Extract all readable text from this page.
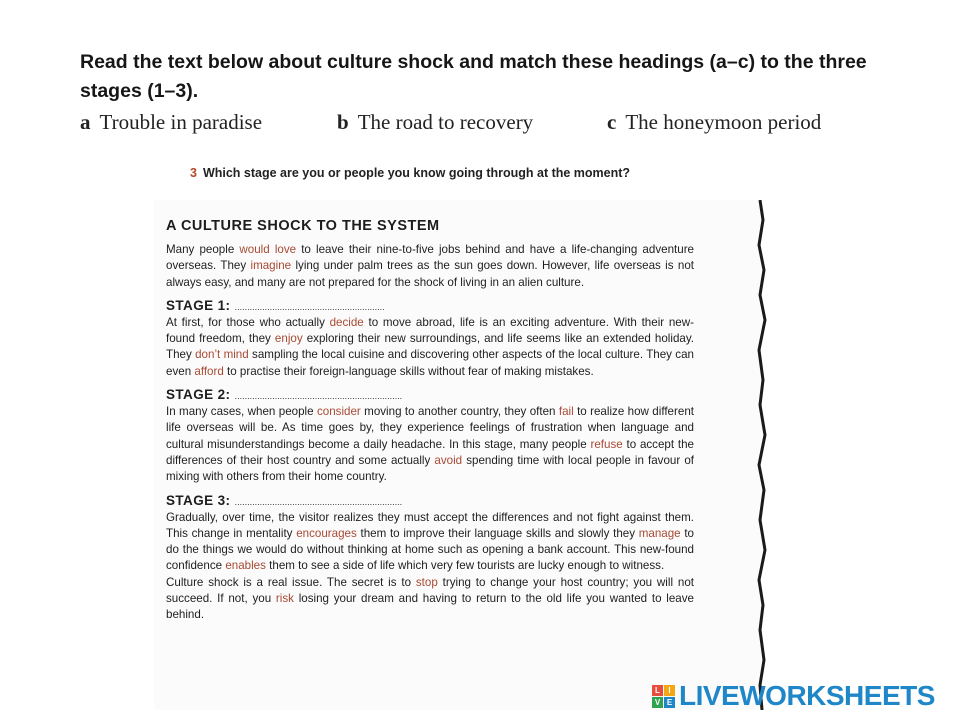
Read the text below about culture shock and match these headings (a–c) to the three stages (1–3).
a Trouble in paradise	b The road to recovery	c The honeymoon period
3 Which stage are you or people you know going through at the moment?
A CULTURE SHOCK TO THE SYSTEM
Many people would love to leave their nine-to-five jobs behind and have a life-changing adventure overseas. They imagine lying under palm trees as the sun goes down. However, life overseas is not always easy, and many are not prepared for the shock of living in an alien culture.
STAGE 1: ............................................................
At first, for those who actually decide to move abroad, life is an exciting adventure. With their new-found freedom, they enjoy exploring their new surroundings, and life seems like an extended holiday. They don’t mind sampling the local cuisine and discovering other aspects of the local culture. They can even afford to practise their foreign-language skills without fear of making mistakes.
STAGE 2: ...................................................................
In many cases, when people consider moving to another country, they often fail to realize how different life overseas will be. As time goes by, they experience feelings of frustration when language and cultural misunderstandings become a daily headache. In this stage, many people refuse to accept the differences of their host country and some actually avoid spending time with local people in favour of mixing with others from their home country.
STAGE 3: ...................................................................
Gradually, over time, the visitor realizes they must accept the differences and not fight against them. This change in mentality encourages them to improve their language skills and slowly they manage to do the things we would do without thinking at home such as opening a bank account. This new-found confidence enables them to see a side of life which very few tourists are lucky enough to witness.
Culture shock is a real issue. The secret is to stop trying to change your host country; you will not succeed. If not, you risk losing your dream and having to return to the old life you wanted to leave behind.
L	I
V E LIVEWORKSHEETS
